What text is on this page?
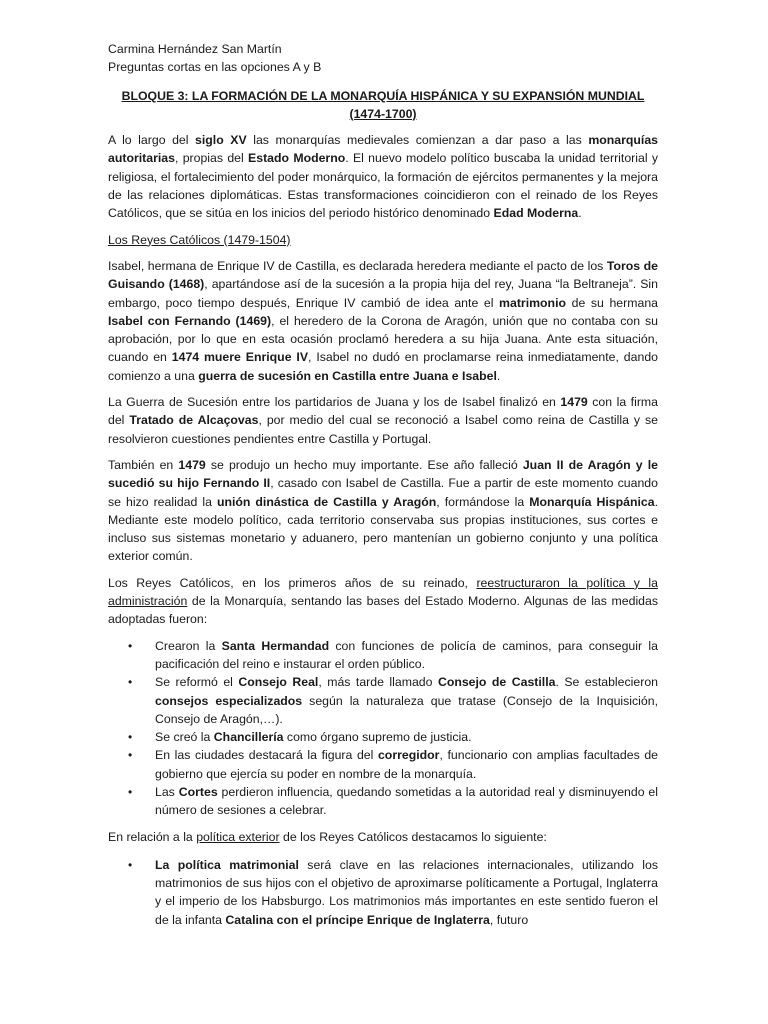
Carmina Hernández San Martín
Preguntas cortas en las opciones A y B
BLOQUE 3: LA FORMACIÓN DE LA MONARQUÍA HISPÁNICA Y SU EXPANSIÓN MUNDIAL
(1474-1700)

A lo largo del siglo XV las monarquías medievales comienzan a dar paso a las monarquías autoritarias, propias del Estado Moderno. El nuevo modelo político buscaba la unidad territorial y religiosa, el fortalecimiento del poder monárquico, la formación de ejércitos permanentes y la mejora de las relaciones diplomáticas. Estas transformaciones coincidieron con el reinado de los Reyes Católicos, que se sitúa en los inicios del periodo histórico denominado Edad Moderna.

Los Reyes Católicos (1479-1504)

Isabel, hermana de Enrique IV de Castilla, es declarada heredera mediante el pacto de los Toros de Guisando (1468), apartándose así de la sucesión a la propia hija del rey, Juana “la Beltraneja”. Sin embargo, poco tiempo después, Enrique IV cambió de idea ante el matrimonio de su hermana Isabel con Fernando (1469), el heredero de la Corona de Aragón, unión que no contaba con su aprobación, por lo que en esta ocasión proclamó heredera a su hija Juana. Ante esta situación, cuando en 1474 muere Enrique IV, Isabel no dudó en proclamarse reina inmediatamente, dando comienzo a una guerra de sucesión en Castilla entre Juana e Isabel.

La Guerra de Sucesión entre los partidarios de Juana y los de Isabel finalizó en 1479 con la firma del Tratado de Alcaçovas, por medio del cual se reconoció a Isabel como reina de Castilla y se resolvieron cuestiones pendientes entre Castilla y Portugal.

También en 1479 se produjo un hecho muy importante. Ese año falleció Juan II de Aragón y le sucedió su hijo Fernando II, casado con Isabel de Castilla. Fue a partir de este momento cuando se hizo realidad la unión dinástica de Castilla y Aragón, formándose la Monarquía Hispánica. Mediante este modelo político, cada territorio conservaba sus propias instituciones, sus cortes e incluso sus sistemas monetario y aduanero, pero mantenían un gobierno conjunto y una política exterior común.

Los Reyes Católicos, en los primeros años de su reinado, reestructuraron la política y la administración de la Monarquía, sentando las bases del Estado Moderno. Algunas de las medidas adoptadas fueron:

• Crearon la Santa Hermandad con funciones de policía de caminos, para conseguir la pacificación del reino e instaurar el orden público.
• Se reformó el Consejo Real, más tarde llamado Consejo de Castilla. Se establecieron consejos especializados según la naturaleza que tratase (Consejo de la Inquisición, Consejo de Aragón,…).
• Se creó la Chancillería como órgano supremo de justicia.
• En las ciudades destacará la figura del corregidor, funcionario con amplias facultades de gobierno que ejercía su poder en nombre de la monarquía.
• Las Cortes perdieron influencia, quedando sometidas a la autoridad real y disminuyendo el número de sesiones a celebrar.

En relación a la política exterior de los Reyes Católicos destacamos lo siguiente:

• La política matrimonial será clave en las relaciones internacionales, utilizando los matrimonios de sus hijos con el objetivo de aproximarse políticamente a Portugal, Inglaterra y el imperio de los Habsburgo. Los matrimonios más importantes en este sentido fueron el de la infanta Catalina con el príncipe Enrique de Inglaterra, futuro
